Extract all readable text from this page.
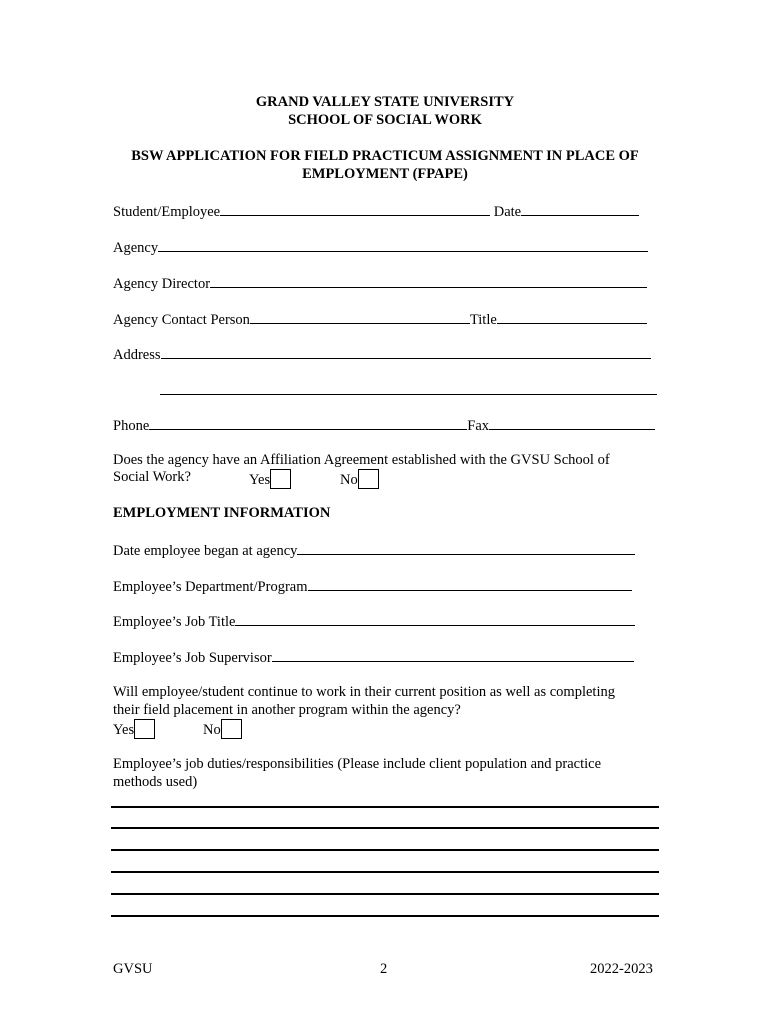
GRAND VALLEY STATE UNIVERSITY
SCHOOL OF SOCIAL WORK
BSW APPLICATION FOR FIELD PRACTICUM ASSIGNMENT IN PLACE OF
EMPLOYMENT (FPAPE)
Student/Employee	Date
Agency
Agency Director
Agency Contact Person	Title
Address
Phone	Fax
Does the agency have an Affiliation Agreement established with the GVSU School of
Social Work?	Yes	No
EMPLOYMENT INFORMATION
Date employee began at agency
Employee’s Department/Program
Employee’s Job Title
Employee’s Job Supervisor
Will employee/student continue to work in their current position as well as completing
their field placement in another program within the agency?
Yes	No
Employee’s job duties/responsibilities (Please include client population and practice
methods used)
GVSU	2	2022-2023
